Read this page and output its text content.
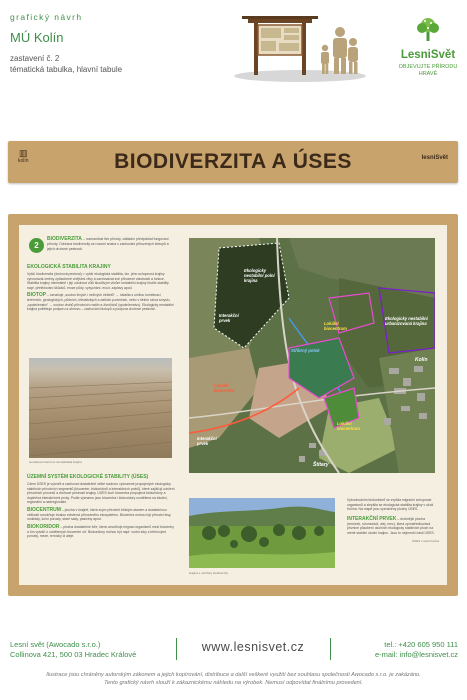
grafický návrh
MÚ Kolín
zastavení č. 2
tématická tabulka, hlavní tabule
LesniSvět
OBJEVUJTE PŘÍRODU
HRAVĚ
▥
kolín	BIODIVERZITA A ÚSES	lesniSvět
2
BIODIVERZITA – rozmanitost live přírody, základní předpoklad fungování přírody. Ochrana biodiverzity se rozumí snaha o zachování přirozených biotopů a jejich druhové pestrosti.
EKOLOGICKÁ STABILITA KRAJINY
Vyšší biodiverzita (druhová pestrost) = vyšší ekologická stabilita, tzn. jeho schopnost krajiny vyrovnávat změny způsobené vnějšími vlivy a zachovávat své přirozené vlastnosti a funkce. Stabilita krajiny minimálně i její odolnost vůči škodlivým vlivům nestabilní krajiny hlubší stability např. přetěžování škůdců, eroze půdy, vysychání, erozi, záplavy apod.
BIOTOP – označuje „soubor živých i neživých činitelů“ → lokalita s určitou kombinací terénních, geologických, půdních, klimatických a dalších podmínek, nebo v širším slova smyslu „společenství“ → soubor druhů přírodních rostlin a živočichů (společenstvo). Ekologicky nestabilní krajina potřebuje podporu a obnovu – zachování biotopů a podpora druhové pestrosti.
současná intenzivní zemědělská krajina
ÚZEMNÍ SYSTÉM EKOLOGICKÉ STABILITY (ÚSES)
Cílem ÚSES je vytvořit a zachovat dostatečně velké souboru významně propojených ekologicky stabilních přírodních segmentů (biocenter, biokoridorů a interakčních prvků), které zajišťují udržení přírodních procesů a druhové pestrosti krajiny. ÚSES tvoří biocentra propojená biokoridory a doplněná interakčními prvky. Podle významu jsou biocentra i biokoridory rozdělena na lokální, regionální a nadregionální.
BIOCENTRUM – plocha v krajině, která svým přírodně blízkým stavem a dostatečnou velikostí umožňuje trvalou existenci přirozeného ekosystému. Biocentra mohou být přírodní lesy, mokřady, luční porosty, staré sady, pastviny apod.
BIOKORIDOR – plocha dostatečné šíře, která umožňuje migraci organismů mezi biocentry a tím vytváří z oddělených biocenter síť. Biokoridory mohou být např. vodní toky s břehovými porosty, meze, remízky či aleje.
Ekologicky nestabilní polní krajina
Ekologicky nestabilní urbanizovaná krajina
Interakční prvek
Interakční prvek
Lokální biokoridor
Lokální biocentrum
Lokální biocentrum
Stříbrný potok
Kolín
Štítary
krajina s ostrůvky biodiverzity
Vybudováním biokoridorů se zvýšila migrační schopnost organismů a zlepšila se ekologická stabilita krajiny v okolí Kolína. Na mapě jsou vyznačeny plochy ÚSES.
INTERAKČNÍ PRVEK – drobnější plocha (remízek, stromořadí, alej, mez), která zprostředkovává příznivé působení okolních ekologicky stabilních ploch na méně stabilní okolní krajinu. Jsou to nejmenší části ÚSES.
ÚSES v okolí Kolína
Lesní svět (Awocado s.r.o.)
Collinova 421, 500 03 Hradec Králové
www.lesnisvet.cz	tel.: +420 605 950 111
e-mail: info@lesnisvet.cz
Ilustrace jsou chráněny autorským zákonem a jejich kopírování, distribuce a další veškeré využití bez souhlasu společnosti Awocado s.r.o. je zakázáno.
Tento grafický návrh slouží k zákaznickému náhledu na výrobek. Nemusí odpovídat finálnímu provedení.
